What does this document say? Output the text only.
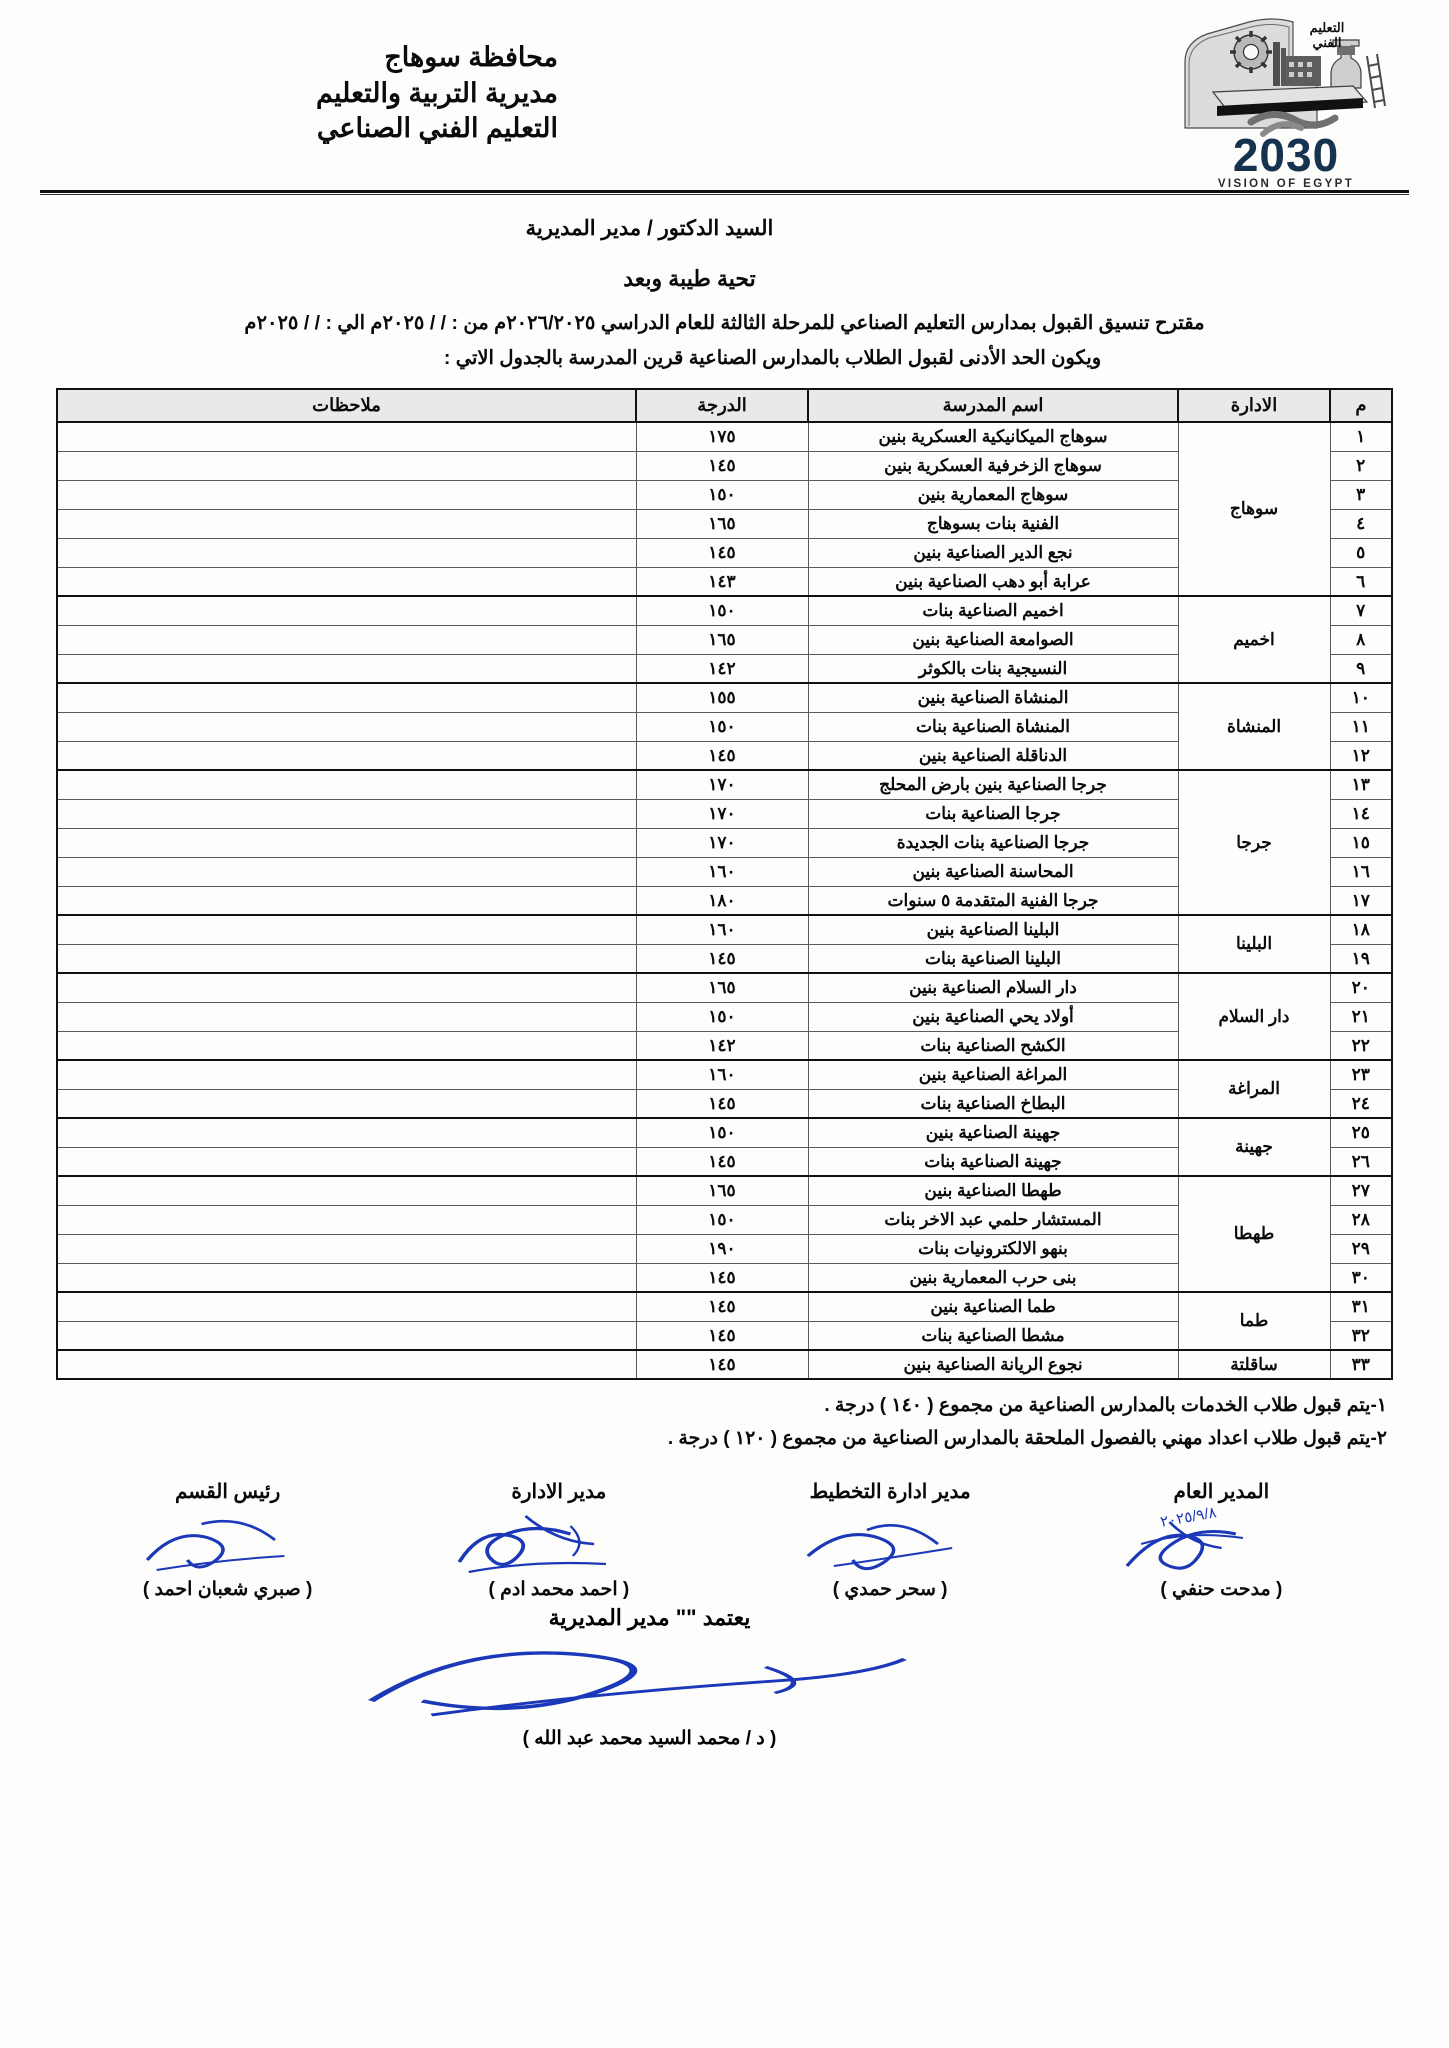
محافظة سوهاج
مديرية التربية والتعليم
التعليم الفني الصناعي
التعليم
الفني
2030
VISION OF EGYPT
السيد الدكتور / مدير المديرية
تحية طيبة وبعد
مقترح تنسيق القبول بمدارس التعليم الصناعي للمرحلة الثالثة للعام الدراسي ٢٠٢٦/٢٠٢٥م من : / / ٢٠٢٥م الي : / / ٢٠٢٥م
ويكون الحد الأدنى لقبول الطلاب بالمدارس الصناعية قرين المدرسة بالجدول الاتي :
م	الادارة	اسم المدرسة	الدرجة	ملاحظات
١	سوهاج	سوهاج الميكانيكية العسكرية بنين	١٧٥	
٢		سوهاج الزخرفية العسكرية بنين	١٤٥	
٣		سوهاج المعمارية بنين	١٥٠	
٤		الفنية بنات بسوهاج	١٦٥	
٥		نجع الدير الصناعية بنين	١٤٥	
٦		عرابة أبو دهب الصناعية بنين	١٤٣	
٧	اخميم	اخميم الصناعية بنات	١٥٠	
٨		الصوامعة الصناعية بنين	١٦٥	
٩		النسيجية بنات بالكوثر	١٤٢	
١٠	المنشاة	المنشاة الصناعية بنين	١٥٥	
١١		المنشاة الصناعية بنات	١٥٠	
١٢		الدناقلة الصناعية بنين	١٤٥	
١٣	جرجا	جرجا الصناعية بنين بارض المحلج	١٧٠	
١٤		جرجا الصناعية بنات	١٧٠	
١٥		جرجا الصناعية بنات الجديدة	١٧٠	
١٦		المحاسنة الصناعية بنين	١٦٠	
١٧		جرجا الفنية المتقدمة ٥ سنوات	١٨٠	
١٨	البلينا	البلينا الصناعية بنين	١٦٠	
١٩		البلينا الصناعية بنات	١٤٥	
٢٠	دار السلام	دار السلام الصناعية بنين	١٦٥	
٢١		أولاد يحي الصناعية بنين	١٥٠	
٢٢		الكشح الصناعية بنات	١٤٢	
٢٣	المراغة	المراغة الصناعية بنين	١٦٠	
٢٤		البطاخ الصناعية بنات	١٤٥	
٢٥	جهينة	جهينة الصناعية بنين	١٥٠	
٢٦		جهينة الصناعية بنات	١٤٥	
٢٧	طهطا	طهطا الصناعية بنين	١٦٥	
٢٨		المستشار حلمي عبد الاخر بنات	١٥٠	
٢٩		بنهو الالكترونيات بنات	١٩٠	
٣٠		بنى حرب المعمارية بنين	١٤٥	
٣١	طما	طما الصناعية بنين	١٤٥	
٣٢		مشطا الصناعية بنات	١٤٥	
٣٣	ساقلتة	نجوع الريانة الصناعية بنين	١٤٥	
١-يتم قبول طلاب الخدمات بالمدارس الصناعية من مجموع ( ١٤٠ ) درجة .
٢-يتم قبول طلاب اعداد مهني بالفصول الملحقة بالمدارس الصناعية من مجموع ( ١٢٠ ) درجة .
المدير العام
٢٠٢٥/٩/٨
( مدحت حنفي )
مدير ادارة التخطيط
( سحر حمدي )
مدير الادارة
( احمد محمد ادم )
رئيس القسم
( صبري شعبان احمد )
يعتمد "" مدير المديرية
( د / محمد السيد محمد عبد الله )
